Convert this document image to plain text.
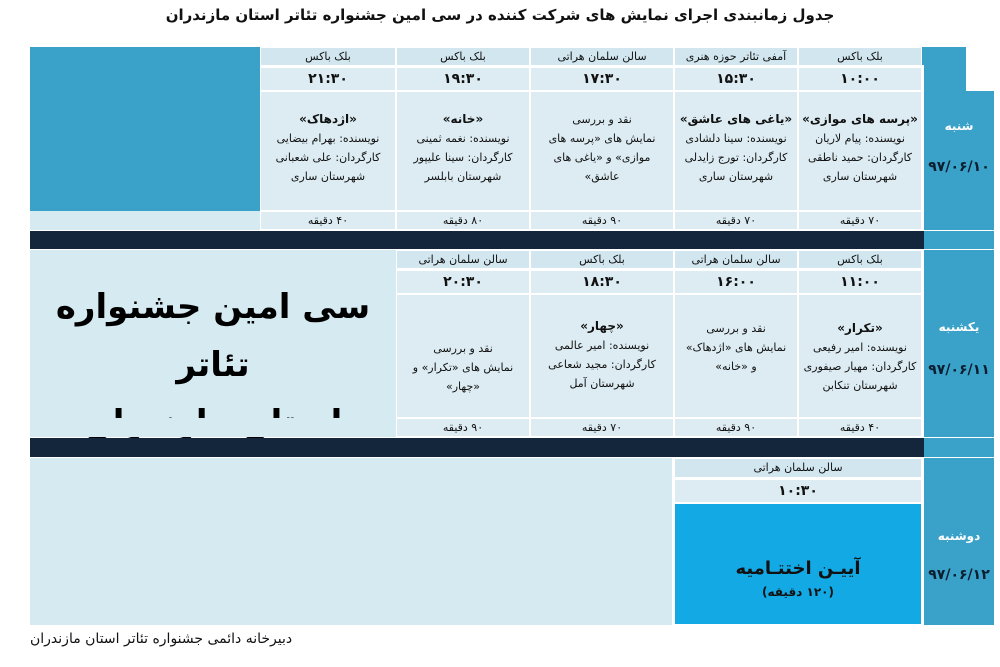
جدول زمانبندی اجرای نمایش های شرکت کننده در سی امین جشنواره تئاتر استان مازندران
بلک باکس
آمفی تئاتر حوزه هنری
سالن سلمان هراتی
بلک باکس
بلک باکس
۱۰:۰۰
۱۵:۳۰
۱۷:۳۰
۱۹:۳۰
۲۱:۳۰
شنبه
۹۷/۰۶/۱۰
«پرسه های موازی»
نویسنده: پیام لاریان
کارگردان: حمید ناطقی
شهرستان ساری
«یاغی های عاشق»
نویسنده: سینا دلشادی
کارگردان: تورج زایدلی
شهرستان ساری
نقد و بررسی
نمایش های «پرسه های
موازی» و «یاغی های
عاشق»
«خانه»
نویسنده: نغمه ثمینی
کارگردان: سینا علیپور
شهرستان بابلسر
«اژدهاک»
نویسنده: بهرام بیضایی
کارگردان: علی شعبانی
شهرستان ساری
۷۰ دقیقه
۷۰ دقیقه
۹۰ دقیقه
۸۰ دقیقه
۴۰ دقیقه
سی امین جشنواره تئاتر
بلک باکس
سالن سلمان هراتی
بلک باکس
سالن سلمان هراتی
۱۱:۰۰
۱۶:۰۰
۱۸:۳۰
۲۰:۳۰
یکشنبه
۹۷/۰۶/۱۱
«تکرار»
نویسنده: امیر رفیعی
کارگردان: مهیار صیفوری
شهرستان تنکابن
نقد و بررسی
نمایش های «اژدهاک»
و «خانه»
«چهار»
نویسنده: امیر عالمی
کارگردان: مجید شعاعی
شهرستان آمل
نقد و بررسی
نمایش های «تکرار» و
«چهار»
۴۰ دقیقه
۹۰ دقیقه
۷۰ دقیقه
۹۰ دقیقه
سالن سلمان هراتی
۱۰:۳۰
آییـن اختتـامیه
(۱۲۰ دقیقه)
دوشنبه
۹۷/۰۶/۱۲
دبیرخانه دائمی جشنواره تئاتر استان مازندران
